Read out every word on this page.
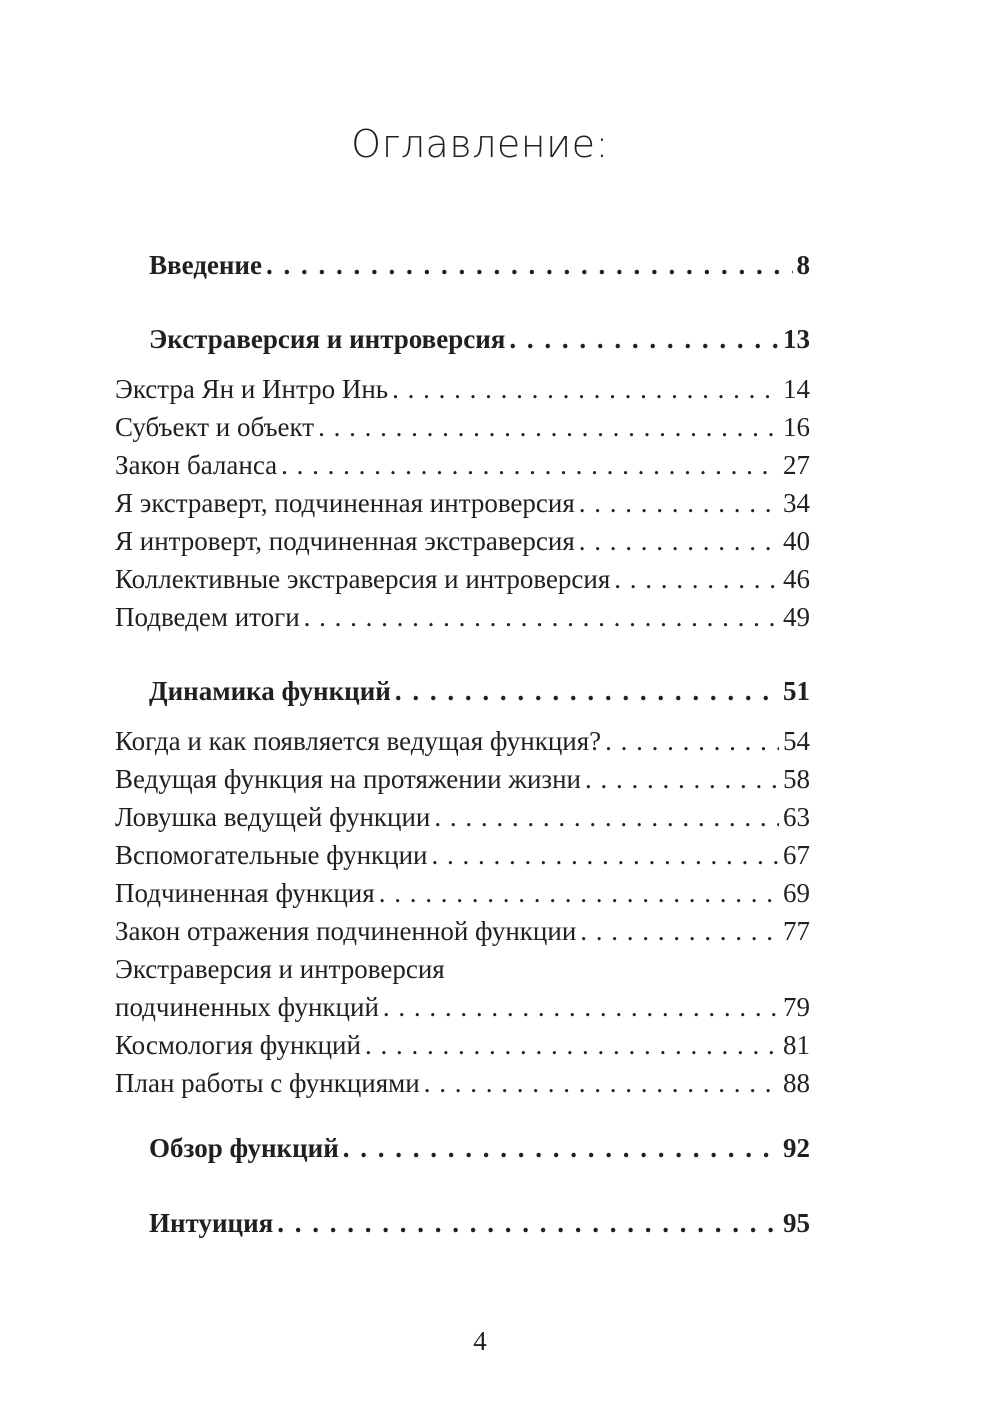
Оглавление:
Введение . . .	8
Экстраверсия и интроверсия . . .	13
Экстра Ян и Интро Инь . . .	14
Субъект и объект . . .	16
Закон баланса . . .	27
Я экстраверт, подчиненная интроверсия . . .	34
Я интроверт, подчиненная экстраверсия . . .	40
Коллективные экстраверсия и интроверсия . . .	46
Подведем итоги . . .	49
Динамика функций . . .	51
Когда и как появляется ведущая функция? . . .	54
Ведущая функция на протяжении жизни . . .	58
Ловушка ведущей функции . . .	63
Вспомогательные функции . . .	67
Подчиненная функция . . .	69
Закон отражения подчиненной функции . . .	77
Экстраверсия и интроверсия
подчиненных функций . . .	79
Космология функций . . .	81
План работы с функциями . . .	88
Обзор функций . . .	92
Интуиция . . .	95
4
